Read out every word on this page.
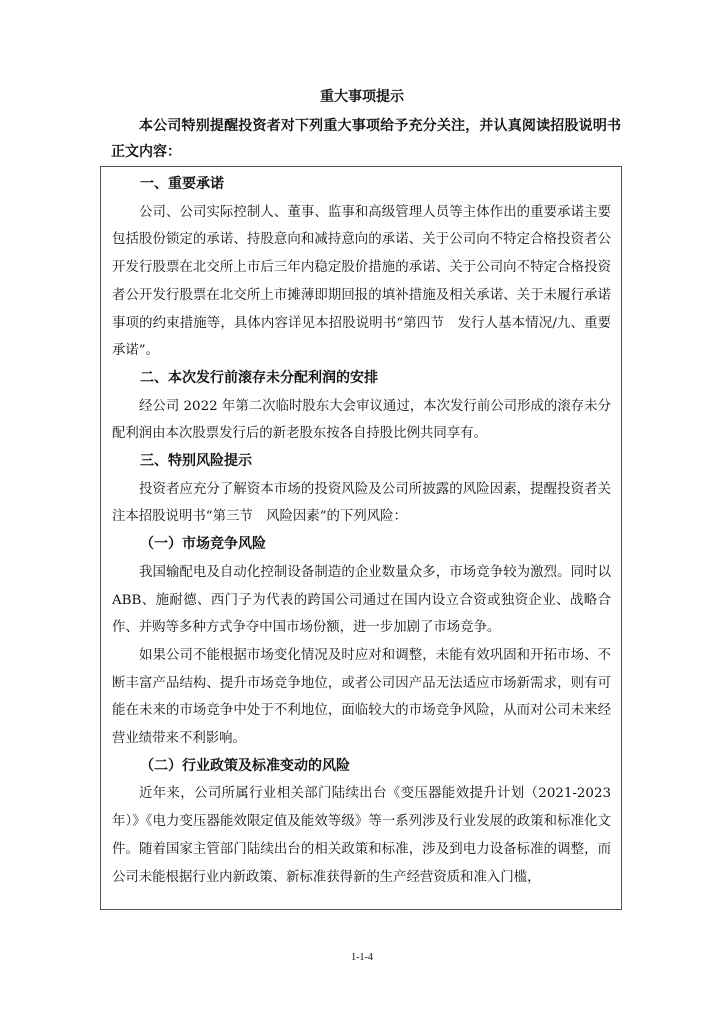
重大事项提示
本公司特别提醒投资者对下列重大事项给予充分关注，并认真阅读招股说明书正文内容：
一、重要承诺

公司、公司实际控制人、董事、监事和高级管理人员等主体作出的重要承诺主要包括股份锁定的承诺、持股意向和减持意向的承诺、关于公司向不特定合格投资者公开发行股票在北交所上市后三年内稳定股价措施的承诺、关于公司向不特定合格投资者公开发行股票在北交所上市摊薄即期回报的填补措施及相关承诺、关于未履行承诺事项的约束措施等，具体内容详见本招股说明书“第四节　发行人基本情况/九、重要承诺”。

二、本次发行前滚存未分配利润的安排

经公司 2022 年第二次临时股东大会审议通过，本次发行前公司形成的滚存未分配利润由本次股票发行后的新老股东按各自持股比例共同享有。

三、特别风险提示

投资者应充分了解资本市场的投资风险及公司所披露的风险因素，提醒投资者关注本招股说明书“第三节　风险因素”的下列风险：

（一）市场竞争风险

我国输配电及自动化控制设备制造的企业数量众多，市场竞争较为激烈。同时以 ABB、施耐德、西门子为代表的跨国公司通过在国内设立合资或独资企业、战略合作、并购等多种方式争夺中国市场份额，进一步加剧了市场竞争。

如果公司不能根据市场变化情况及时应对和调整，未能有效巩固和开拓市场、不断丰富产品结构、提升市场竞争地位，或者公司因产品无法适应市场新需求，则有可能在未来的市场竞争中处于不利地位，面临较大的市场竞争风险，从而对公司未来经营业绩带来不利影响。

（二）行业政策及标准变动的风险

近年来，公司所属行业相关部门陆续出台《变压器能效提升计划（2021-2023 年）》《电力变压器能效限定值及能效等级》等一系列涉及行业发展的政策和标准化文件。随着国家主管部门陆续出台的相关政策和标准，涉及到电力设备标准的调整，而公司未能根据行业内新政策、新标准获得新的生产经营资质和准入门槛，

1-1-4
